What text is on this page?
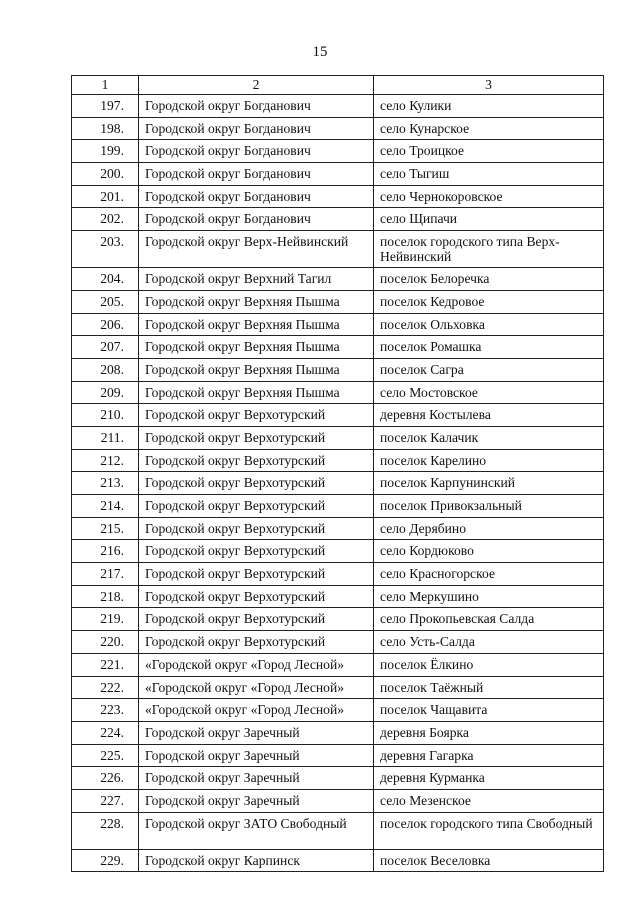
15
1	2	3
197.	Городской округ Богданович	село Кулики
198.	Городской округ Богданович	село Кунарское
199.	Городской округ Богданович	село Троицкое
200.	Городской округ Богданович	село Тыгиш
201.	Городской округ Богданович	село Чернокоровское
202.	Городской округ Богданович	село Щипачи
203.	Городской округ Верх-Нейвинский	поселок городского типа Верх-Нейвинский
204.	Городской округ Верхний Тагил	поселок Белоречка
205.	Городской округ Верхняя Пышма	поселок Кедровое
206.	Городской округ Верхняя Пышма	поселок Ольховка
207.	Городской округ Верхняя Пышма	поселок Ромашка
208.	Городской округ Верхняя Пышма	поселок Сагра
209.	Городской округ Верхняя Пышма	село Мостовское
210.	Городской округ Верхотурский	деревня Костылева
211.	Городской округ Верхотурский	поселок Калачик
212.	Городской округ Верхотурский	поселок Карелино
213.	Городской округ Верхотурский	поселок Карпунинский
214.	Городской округ Верхотурский	поселок Привокзальный
215.	Городской округ Верхотурский	село Дерябино
216.	Городской округ Верхотурский	село Кордюково
217.	Городской округ Верхотурский	село Красногорское
218.	Городской округ Верхотурский	село Меркушино
219.	Городской округ Верхотурский	село Прокопьевская Салда
220.	Городской округ Верхотурский	село Усть-Салда
221.	«Городской округ «Город Лесной»	поселок Ёлкино
222.	«Городской округ «Город Лесной»	поселок Таёжный
223.	«Городской округ «Город Лесной»	поселок Чащавита
224.	Городской округ Заречный	деревня Боярка
225.	Городской округ Заречный	деревня Гагарка
226.	Городской округ Заречный	деревня Курманка
227.	Городской округ Заречный	село Мезенское
228.	Городской округ ЗАТО Свободный	поселок городского типа Свободный
229.	Городской округ Карпинск	поселок Веселовка
